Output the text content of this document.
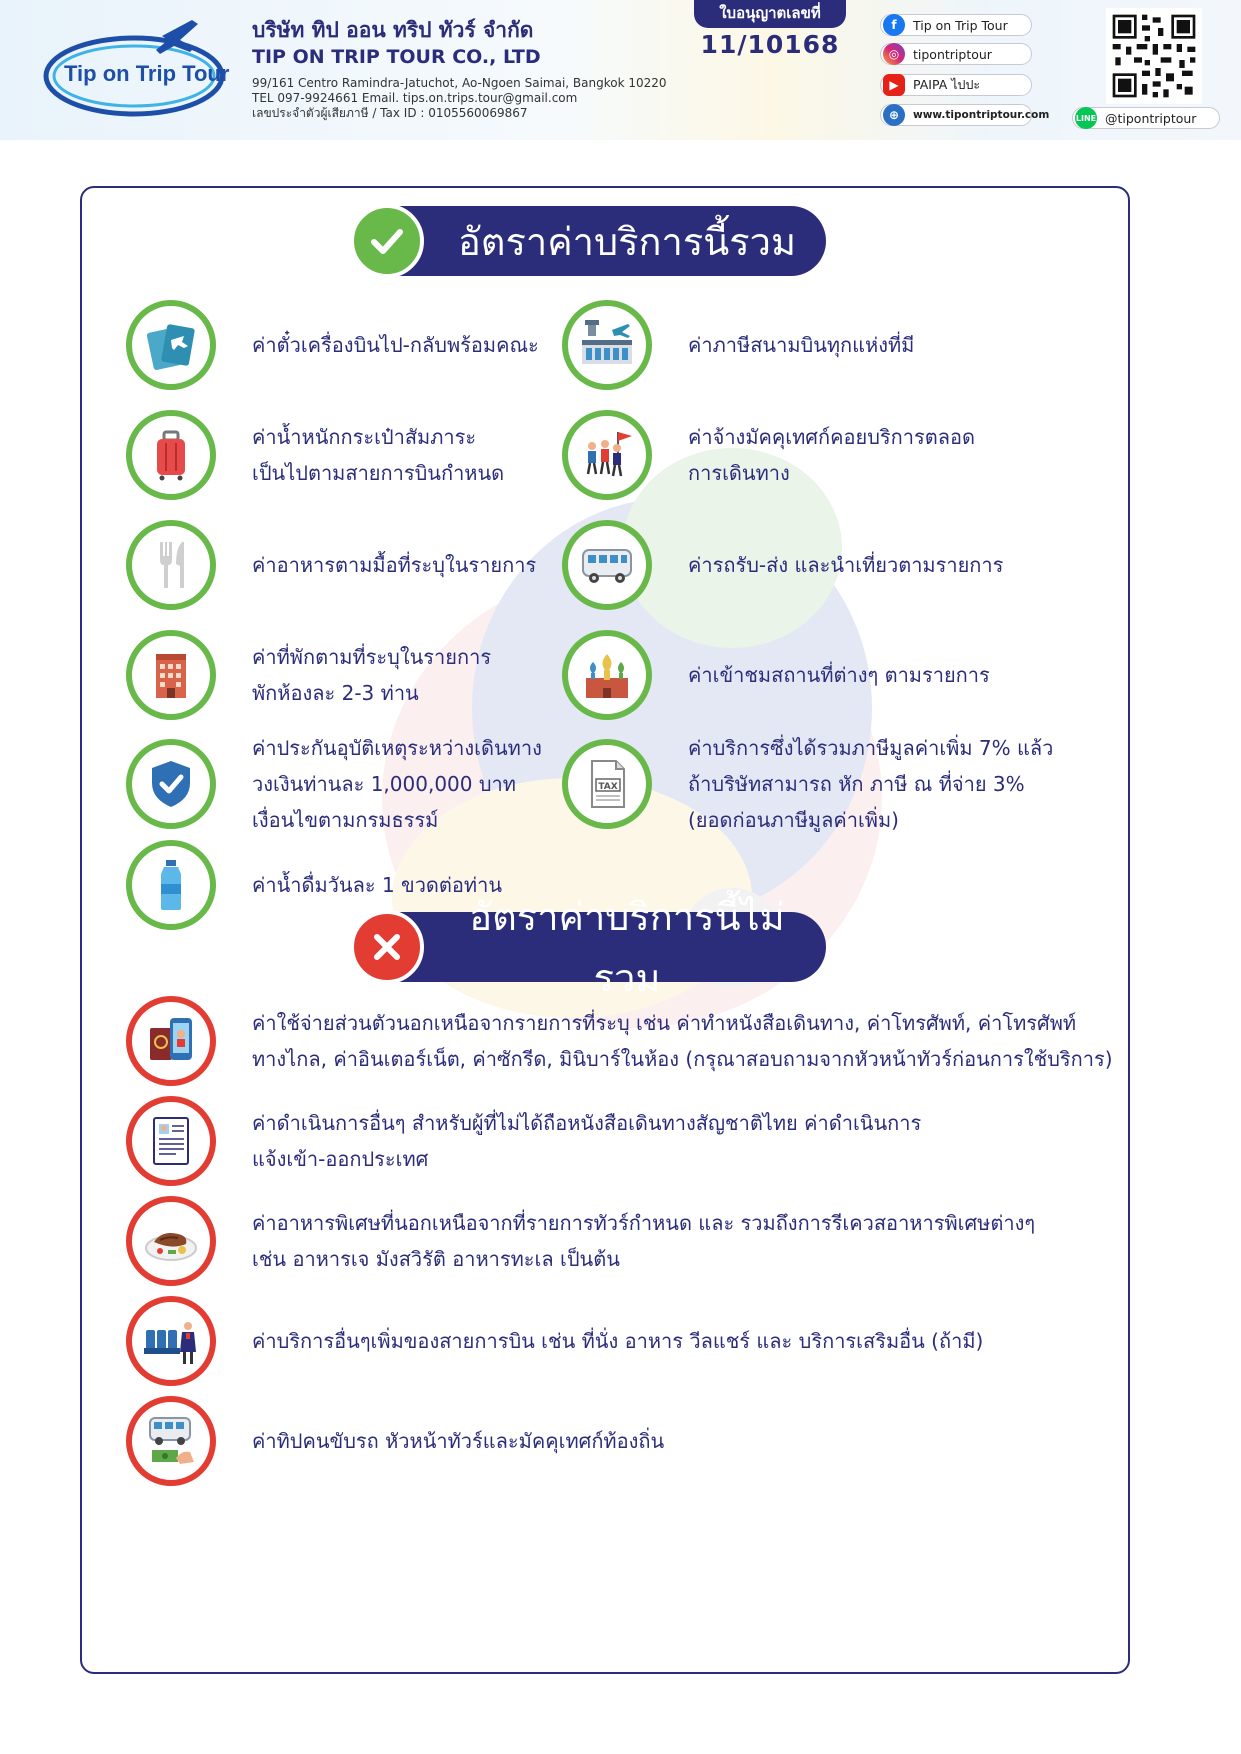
Tip on Trip Tour
บริษัท ทิป ออน ทริป ทัวร์ จำกัด
TIP ON TRIP TOUR CO., LTD
99/161 Centro Ramindra-Jatuchot, Ao-Ngoen Saimai, Bangkok 10220
TEL 097-9924661 Email. tips.on.trips.tour@gmail.com
เลขประจำตัวผู้เสียภาษี / Tax ID : 0105560069867
ใบอนุญาตเลขที่
11/10168
f	Tip on Trip Tour
◎	tipontriptour
▶	PAIPA ไปปะ
⊕	www.tipontriptour.com	LINE @tipontriptour
อัตราค่าบริการนี้รวม
ค่าตั๋วเครื่องบินไป-กลับพร้อมคณะ
ค่าน้ำหนักกระเป๋าสัมภาระ
เป็นไปตามสายการบินกำหนด
ค่าอาหารตามมื้อที่ระบุในรายการ
ค่าที่พักตามที่ระบุในรายการ
พักห้องละ 2-3 ท่าน
ค่าประกันอุบัติเหตุระหว่างเดินทาง
วงเงินท่านละ 1,000,000 บาท
เงื่อนไขตามกรมธรรม์
ค่าน้ำดื่มวันละ 1 ขวดต่อท่าน
ค่าภาษีสนามบินทุกแห่งที่มี
ค่าจ้างมัคคุเทศก์คอยบริการตลอด
การเดินทาง
ค่ารถรับ-ส่ง และนำเที่ยวตามรายการ
ค่าเข้าชมสถานที่ต่างๆ ตามรายการ
TAX
ค่าบริการซึ่งได้รวมภาษีมูลค่าเพิ่ม 7% แล้ว
ถ้าบริษัทสามารถ หัก ภาษี ณ ที่จ่าย 3%
(ยอดก่อนภาษีมูลค่าเพิ่ม)
อัตราค่าบริการนี้ไม่รวม
ค่าใช้จ่ายส่วนตัวนอกเหนือจากรายการที่ระบุ เช่น ค่าทำหนังสือเดินทาง, ค่าโทรศัพท์, ค่าโทรศัพท์
ทางไกล, ค่าอินเตอร์เน็ต, ค่าซักรีด, มินิบาร์ในห้อง (กรุณาสอบถามจากหัวหน้าทัวร์ก่อนการใช้บริการ)
ค่าดำเนินการอื่นๆ สำหรับผู้ที่ไม่ได้ถือหนังสือเดินทางสัญชาติไทย ค่าดำเนินการ
แจ้งเข้า-ออกประเทศ
ค่าอาหารพิเศษที่นอกเหนือจากที่รายการทัวร์กำหนด และ รวมถึงการรีเควสอาหารพิเศษต่างๆ
เช่น อาหารเจ มังสวิรัติ อาหารทะเล เป็นต้น
ค่าบริการอื่นๆเพิ่มของสายการบิน เช่น ที่นั่ง อาหาร วีลแชร์ และ บริการเสริมอื่น (ถ้ามี)
ค่าทิปคนขับรถ หัวหน้าทัวร์และมัคคุเทศก์ท้องถิ่น
